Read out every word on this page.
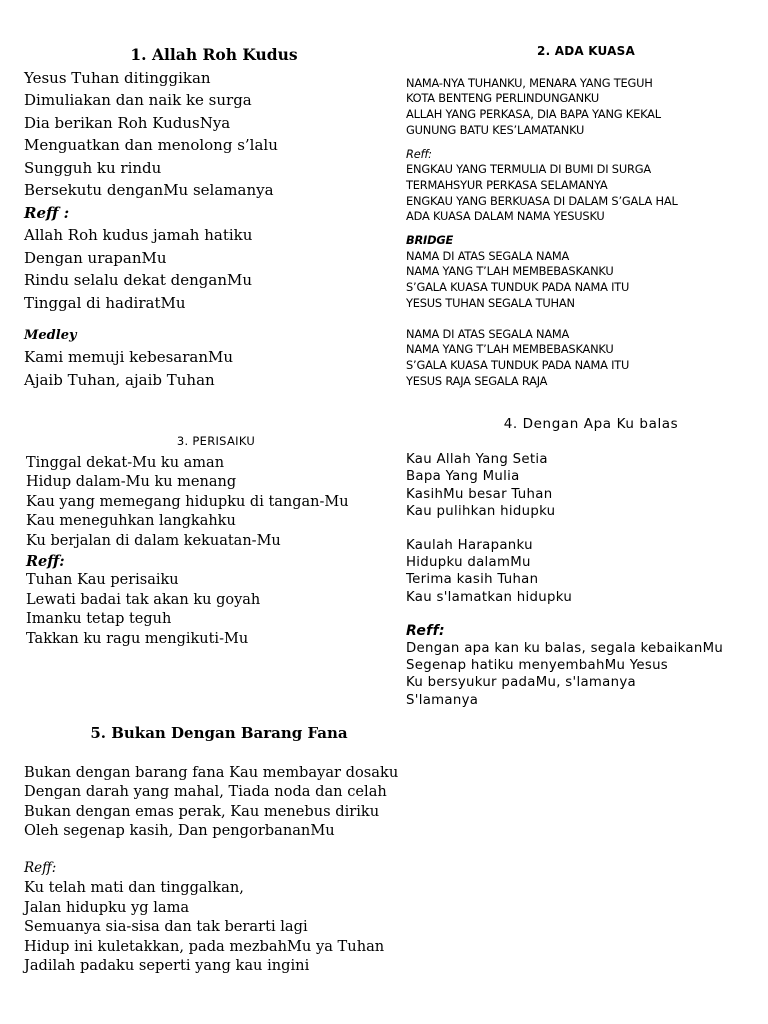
1. Allah Roh Kudus
Yesus Tuhan ditinggikan
Dimuliakan dan naik ke surga
Dia berikan Roh KudusNya
Menguatkan dan menolong s’lalu
Sungguh ku rindu
Bersekutu denganMu selamanya
Reff :
Allah Roh kudus jamah hatiku
Dengan urapanMu
Rindu selalu dekat denganMu
Tinggal di hadiratMu
Medley
Kami memuji kebesaranMu
Ajaib Tuhan, ajaib Tuhan
2. ADA KUASA
NAMA-NYA TUHANKU, MENARA YANG TEGUH
KOTA BENTENG PERLINDUNGANKU
ALLAH YANG PERKASA, DIA BAPA YANG KEKAL
GUNUNG BATU KES’LAMATANKU
Reff:
ENGKAU YANG TERMULIA DI BUMI DI SURGA
TERMAHSYUR PERKASA SELAMANYA
ENGKAU YANG BERKUASA DI DALAM S’GALA HAL
ADA KUASA DALAM NAMA YESUSKU
BRIDGE
NAMA DI ATAS SEGALA NAMA
NAMA YANG T’LAH MEMBEBASKANKU
S’GALA KUASA TUNDUK PADA NAMA ITU
YESUS TUHAN SEGALA TUHAN
NAMA DI ATAS SEGALA NAMA
NAMA YANG T’LAH MEMBEBASKANKU
S’GALA KUASA TUNDUK PADA NAMA ITU
YESUS RAJA SEGALA RAJA
3. PERISAIKU
Tinggal dekat-Mu ku aman
Hidup dalam-Mu ku menang
Kau yang memegang hidupku di tangan-Mu
Kau meneguhkan langkahku
Ku berjalan di dalam kekuatan-Mu
Reff:
Tuhan Kau perisaiku
Lewati badai tak akan ku goyah
Imanku tetap teguh
Takkan ku ragu mengikuti-Mu
4. Dengan Apa Ku balas
Kau Allah Yang Setia
Bapa Yang Mulia
KasihMu besar Tuhan
Kau pulihkan hidupku
Kaulah Harapanku
Hidupku dalamMu
Terima kasih Tuhan
Kau s'lamatkan hidupku
Reff:
Dengan apa kan ku balas, segala kebaikanMu
Segenap hatiku menyembahMu Yesus
Ku bersyukur padaMu, s'lamanya
S'lamanya
5. Bukan Dengan Barang Fana
Bukan dengan barang fana Kau membayar dosaku
Dengan darah yang mahal, Tiada noda dan celah
Bukan dengan emas perak, Kau menebus diriku
Oleh segenap kasih, Dan pengorbananMu
Reff:
Ku telah mati dan tinggalkan,
Jalan hidupku yg lama
Semuanya sia-sisa dan tak berarti lagi
Hidup ini kuletakkan, pada mezbahMu ya Tuhan
Jadilah padaku seperti yang kau ingini
